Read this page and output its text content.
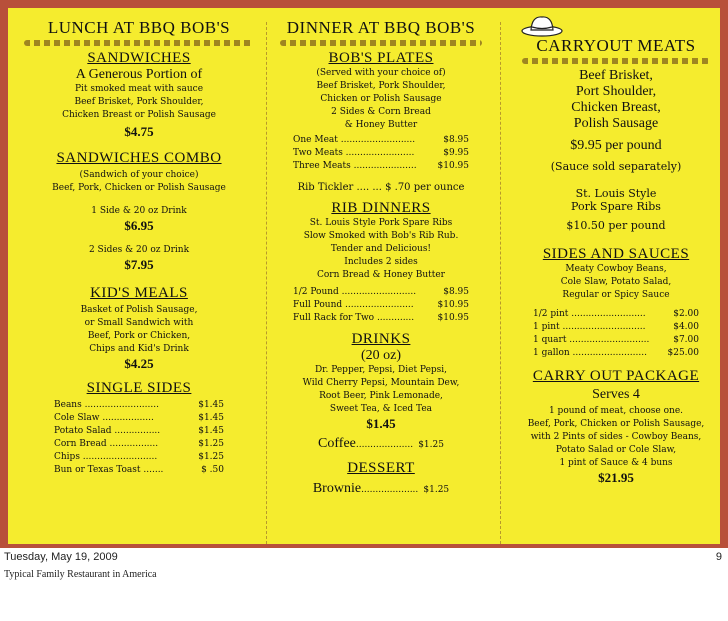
LUNCH AT BBQ BOB'S
SANDWICHES
A Generous Portion of
Pit smoked meat with sauce
Beef Brisket, Pork Shoulder,
Chicken Breast or Polish Sausage
$4.75
SANDWICHES COMBO
(Sandwich of your choice)
Beef, Pork, Chicken or Polish Sausage
1 Side & 20 oz Drink
$6.95
2 Sides & 20 oz Drink
$7.95
KID'S MEALS
Basket of Polish Sausage,
or Small Sandwich with
Beef, Pork or Chicken,
Chips and Kid's Drink
$4.25
SINGLE SIDES
Beans ..........................	$1.45
Cole Slaw ..................	$1.45
Potato Salad ................	$1.45
Corn Bread .................	$1.25
Chips ..........................	$1.25
Bun or Texas Toast .......	$ .50
DINNER AT BBQ BOB'S
BOB'S PLATES
(Served with your choice of)
Beef Brisket, Pork Shoulder,
Chicken or Polish Sausage
2 Sides & Corn Bread
& Honey Butter
One Meat ..........................	$8.95
Two Meats ........................	$9.95
Three Meats ...................... $10.95
Rib Tickler .... ... $ .70 per ounce
RIB DINNERS
St. Louis Style Pork Spare Ribs
Slow Smoked with Bob's Rib Rub.
Tender and Delicious!
Includes 2 sides
Corn Bread & Honey Butter
1/2 Pound ..........................	$8.95
Full Pound ........................	$10.95
Full Rack for Two .............	$10.95
DRINKS
(20 oz)
Dr. Pepper, Pepsi, Diet Pepsi,
Wild Cherry Pepsi, Mountain Dew,
Root Beer, Pink Lemonade,
Sweet Tea, & Iced Tea
$1.45
Coffee.................... $1.25
DESSERT
Brownie.................... $1.25
CARRYOUT MEATS
Beef Brisket,
Port Shoulder,
Chicken Breast,
Polish Sausage
$9.95 per pound
(Sauce sold separately)
St. Louis Style
Pork Spare Ribs
$10.50 per pound
SIDES AND SAUCES
Meaty Cowboy Beans,
Cole Slaw, Potato Salad,
Regular or Spicy Sauce
1/2 pint ..........................	$2.00
1 pint .............................	$4.00
1 quart ............................	$7.00
1 gallon .......................... $25.00
CARRY OUT PACKAGE
Serves 4
1 pound of meat, choose one.
Beef, Pork, Chicken or Polish Sausage,
with 2 Pints of sides - Cowboy Beans,
Potato Salad or Cole Slaw,
1 pint of Sauce & 4 buns
$21.95
Tuesday, May 19, 2009	9
Typical Family Restaurant in America
